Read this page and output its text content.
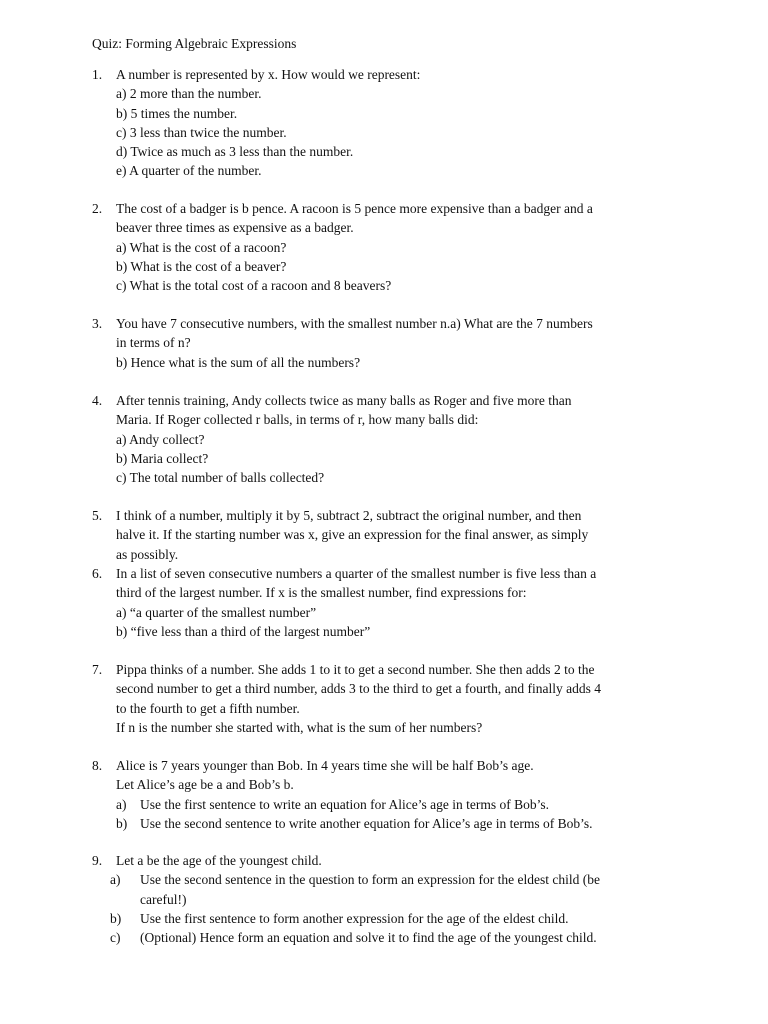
Quiz: Forming Algebraic Expressions
1. A number is represented by x. How would we represent:
a) 2 more than the number.
b) 5 times the number.
c) 3 less than twice the number.
d) Twice as much as 3 less than the number.
e) A quarter of the number.
2. The cost of a badger is b pence. A racoon is 5 pence more expensive than a badger and a
beaver three times as expensive as a badger.
a) What is the cost of a racoon?
b) What is the cost of a beaver?
c) What is the total cost of a racoon and 8 beavers?
3. You have 7 consecutive numbers, with the smallest number n.a) What are the 7 numbers
in terms of n?
b) Hence what is the sum of all the numbers?
4. After tennis training, Andy collects twice as many balls as Roger and five more than
Maria. If Roger collected r balls, in terms of r, how many balls did:
a) Andy collect?
b) Maria collect?
c) The total number of balls collected?
5. I think of a number, multiply it by 5, subtract 2, subtract the original number, and then
halve it. If the starting number was x, give an expression for the final answer, as simply
as possibly.
6. In a list of seven consecutive numbers a quarter of the smallest number is five less than a
third of the largest number. If x is the smallest number, find expressions for:
a) “a quarter of the smallest number”
b) “five less than a third of the largest number”
7. Pippa thinks of a number. She adds 1 to it to get a second number. She then adds 2 to the
second number to get a third number, adds 3 to the third to get a fourth, and finally adds 4
to the fourth to get a fifth number.
If n is the number she started with, what is the sum of her numbers?
8. Alice is 7 years younger than Bob. In 4 years time she will be half Bob’s age.
Let Alice’s age be a and Bob’s b.
a) Use the first sentence to write an equation for Alice’s age in terms of Bob’s.
b) Use the second sentence to write another equation for Alice’s age in terms of Bob’s.
9. Let a be the age of the youngest child.
a) Use the second sentence in the question to form an expression for the eldest child (be
careful!)
b) Use the first sentence to form another expression for the age of the eldest child.
c) (Optional) Hence form an equation and solve it to find the age of the youngest child.
